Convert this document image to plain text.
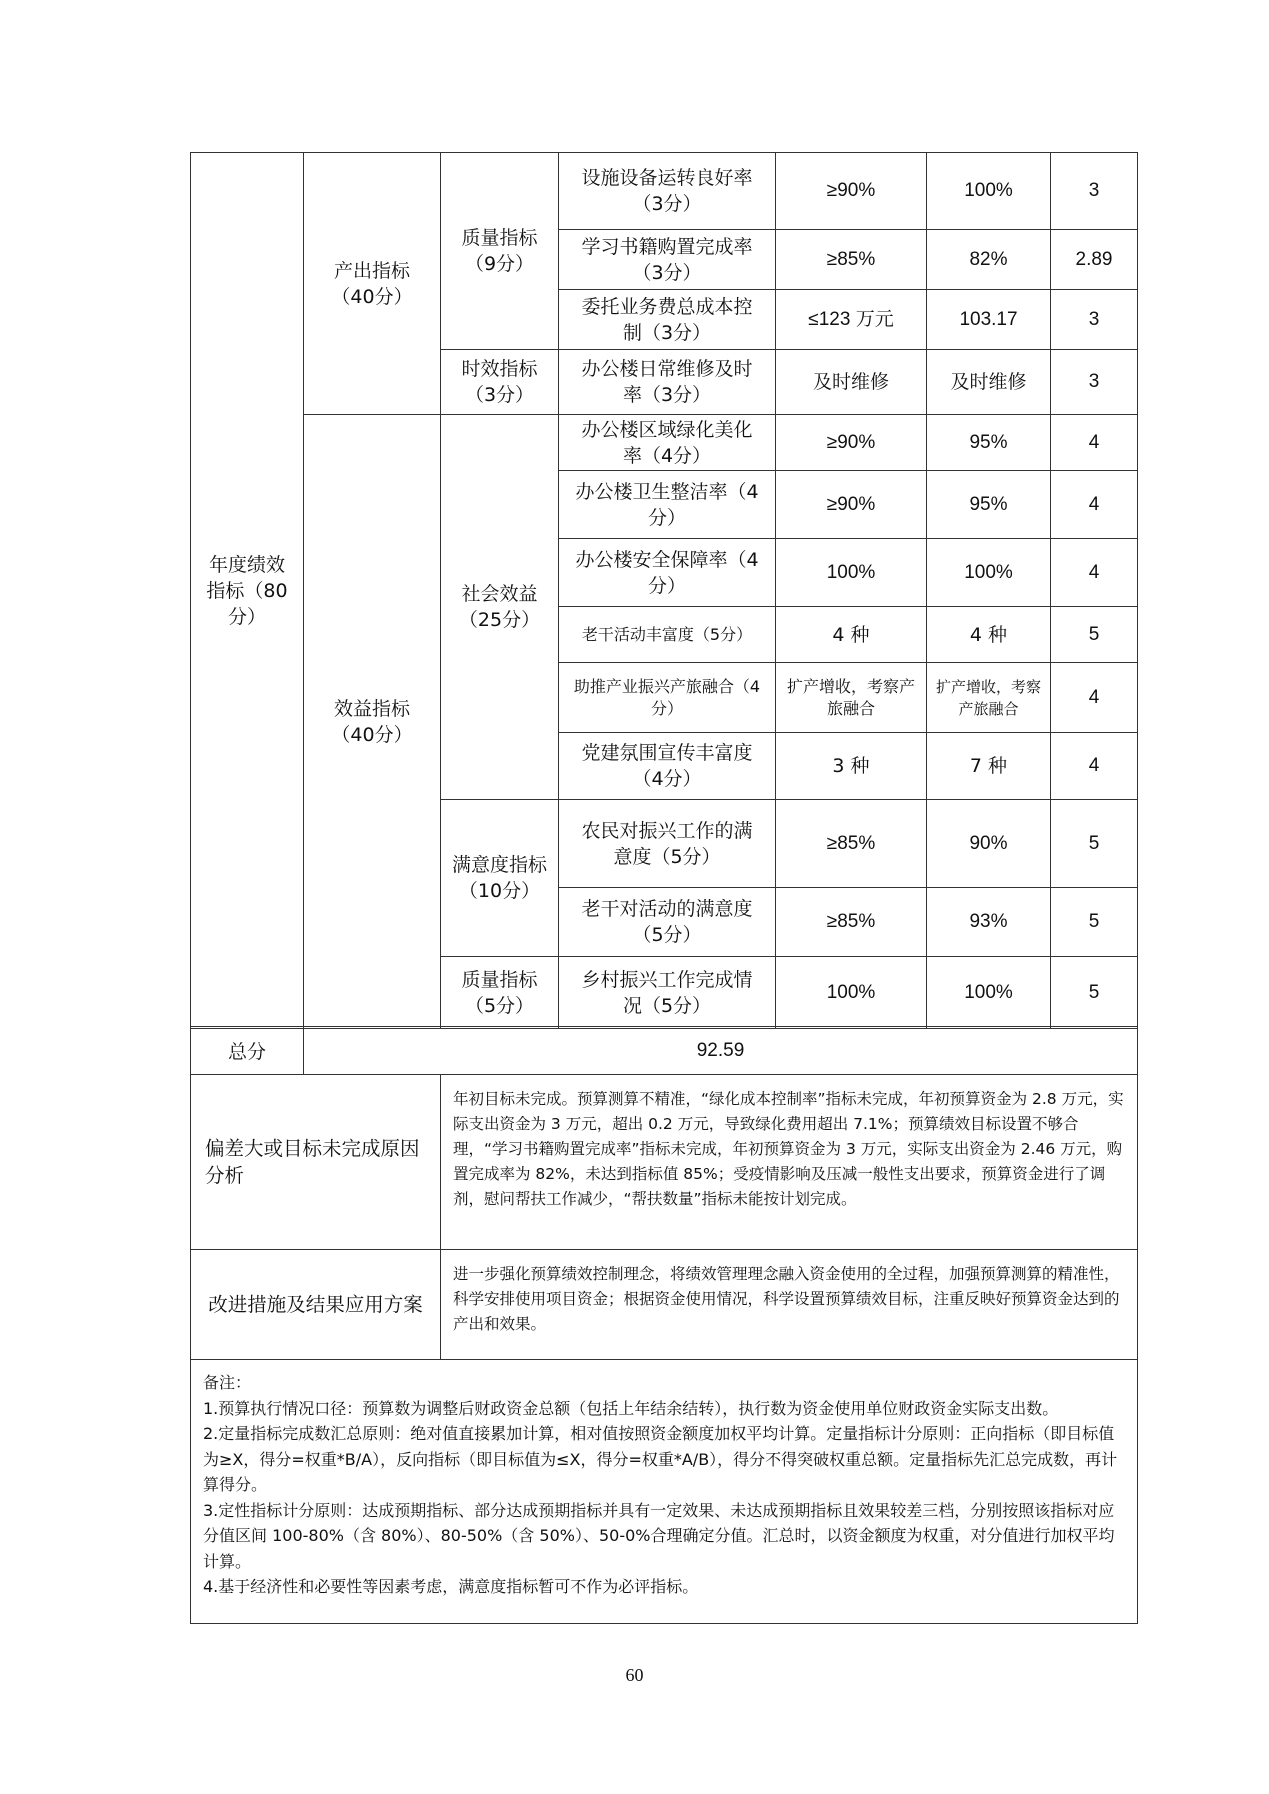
年度绩效指标（80分）	产出指标（40分）	质量指标（9分）	设施设备运转良好率（3分）	≥90%	100%	3
			学习书籍购置完成率（3分）	≥85%	82%	2.89
			委托业务费总成本控制（3分）	≤123 万元	103.17	3
		时效指标（3分）	办公楼日常维修及时率（3分）	及时维修	及时维修	3
	效益指标（40分）	社会效益（25分）	办公楼区域绿化美化率（4分）	≥90%	95%	4
			办公楼卫生整洁率（4分）	≥90%	95%	4
			办公楼安全保障率（4分）	100%	100%	4
			老干活动丰富度（5分）	4 种	4 种	5
			助推产业振兴产旅融合（4分）	扩产增收，考察产旅融合	扩产增收，考察产旅融合	4
			党建氛围宣传丰富度（4分）	3 种	7 种	4
		满意度指标（10分）	农民对振兴工作的满意度（5分）	≥85%	90%	5
			老干对活动的满意度（5分）	≥85%	93%	5
		质量指标（5分）	乡村振兴工作完成情况（5分）	100%	100%	5
总分	92.59
偏差大或目标未完成原因分析	年初目标未完成。预算测算不精准，“绿化成本控制率”指标未完成，年初预算资金为 2.8 万元，实际支出资金为 3 万元，超出 0.2 万元，导致绿化费用超出 7.1%；预算绩效目标设置不够合理，“学习书籍购置完成率”指标未完成，年初预算资金为 3 万元，实际支出资金为 2.46 万元，购置完成率为 82%，未达到指标值 85%；受疫情影响及压减一般性支出要求，预算资金进行了调剂，慰问帮扶工作减少，“帮扶数量”指标未能按计划完成。
改进措施及结果应用方案	进一步强化预算绩效控制理念，将绩效管理理念融入资金使用的全过程，加强预算测算的精准性，科学安排使用项目资金；根据资金使用情况，科学设置预算绩效目标，注重反映好预算资金达到的产出和效果。

备注：
1.预算执行情况口径：预算数为调整后财政资金总额（包括上年结余结转），执行数为资金使用单位财政资金实际支出数。
2.定量指标完成数汇总原则：绝对值直接累加计算，相对值按照资金额度加权平均计算。定量指标计分原则：正向指标（即目标值为≥X，得分=权重*B/A），反向指标（即目标值为≤X，得分=权重*A/B），得分不得突破权重总额。定量指标先汇总完成数，再计算得分。
3.定性指标计分原则：达成预期指标、部分达成预期指标并具有一定效果、未达成预期指标且效果较差三档，分别按照该指标对应分值区间 100-80%（含 80%）、80-50%（含 50%）、50-0%合理确定分值。汇总时，以资金额度为权重，对分值进行加权平均计算。
4.基于经济性和必要性等因素考虑，满意度指标暂可不作为必评指标。	
60
